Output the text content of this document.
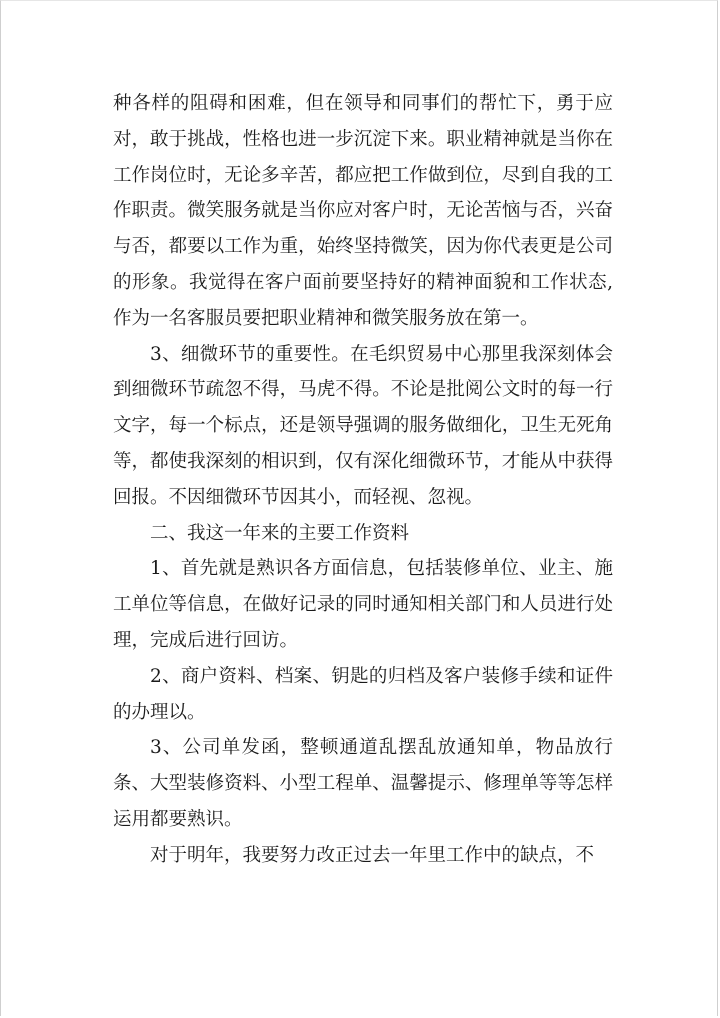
种各样的阻碍和困难，但在领导和同事们的帮忙下，勇于应对，敢于挑战，性格也进一步沉淀下来。职业精神就是当你在工作岗位时，无论多辛苦，都应把工作做到位，尽到自我的工作职责。微笑服务就是当你应对客户时，无论苦恼与否，兴奋与否，都要以工作为重，始终坚持微笑，因为你代表更是公司的形象。我觉得在客户面前要坚持好的精神面貌和工作状态,作为一名客服员要把职业精神和微笑服务放在第一。

3、细微环节的重要性。在毛织贸易中心那里我深刻体会到细微环节疏忽不得，马虎不得。不论是批阅公文时的每一行文字，每一个标点，还是领导强调的服务做细化，卫生无死角等，都使我深刻的相识到，仅有深化细微环节，才能从中获得回报。不因细微环节因其小，而轻视、忽视。

二、我这一年来的主要工作资料

1、首先就是熟识各方面信息，包括装修单位、业主、施工单位等信息，在做好记录的同时通知相关部门和人员进行处理，完成后进行回访。

2、商户资料、档案、钥匙的归档及客户装修手续和证件的办理以。

3、公司单发函，整顿通道乱摆乱放通知单，物品放行条、大型装修资料、小型工程单、温馨提示、修理单等等怎样运用都要熟识。

对于明年，我要努力改正过去一年里工作中的缺点，不
